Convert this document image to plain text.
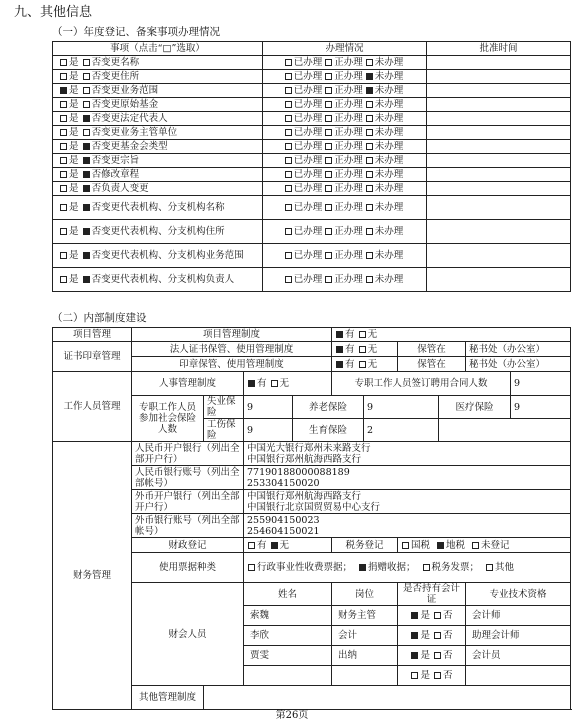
九、其他信息
（一）年度登记、备案事项办理情况
事项（点击“□”选取）	办理情况	批准时间
是 否变更名称	已办理 正办理 未办理	
是 否变更住所	已办理 正办理 未办理	
是 否变更业务范围	已办理 正办理 未办理	
是 否变更原始基金	已办理 正办理 未办理	
是 否变更法定代表人	已办理 正办理 未办理	
是 否变更业务主管单位	已办理 正办理 未办理	
是 否变更基金会类型	已办理 正办理 未办理	
是 否变更宗旨	已办理 正办理 未办理	
是 否修改章程	已办理 正办理 未办理	
是 否负责人变更	已办理 正办理 未办理	
是 否变更代表机构、分支机构名称	已办理 正办理 未办理	
是 否变更代表机构、分支机构住所	已办理 正办理 未办理	
是 否变更代表机构、分支机构业务范围	已办理 正办理 未办理	
是 否变更代表机构、分支机构负责人	已办理 正办理 未办理	
（二）内部制度建设
项目管理	项目管理制度				有 无					
证书印章管理	法人证书保管、使用管理制度				有 无		保管在		秘书处（办公室）	
	印章保管、使用管理制度				有 无		保管在		秘书处（办公室）	
工作人员管理	人事管理制度		有 无		专职工作人员签订聘用合同人数					9
	专职工作人员参加社会保险人数	失业保险	9	养老保险		9		医疗保险		9
		工伤保险	9	生育保险		2				
财务管理	人民币开户银行（列出全部开户行）		中国光大银行郑州未来路支行
中国银行郑州航海西路支行							

	人民币银行账号（列出全部帐号）		77190188000088189
253304150020							

	外币开户银行（列出全部开户行）		中国银行郑州航海西路支行
中国银行北京国贸贸易中心支行							

	外币银行账号（列出全部帐号）		255904150023
254604150021							

	财政登记		有 无		税务登记		国税 地税 未登记			
	使用票据种类		行政事业性收费票据； 捐赠收据； 税务发票； 其他							
	财会人员		姓名		岗位		是否持有会计证		专业技术资格	
			索魏		财务主管		是 否		会计师	
			李欣		会计		是 否		助理会计师	
			贾雯		出纳		是 否		会计员	
							是 否			
	其他管理制度									
第26页
